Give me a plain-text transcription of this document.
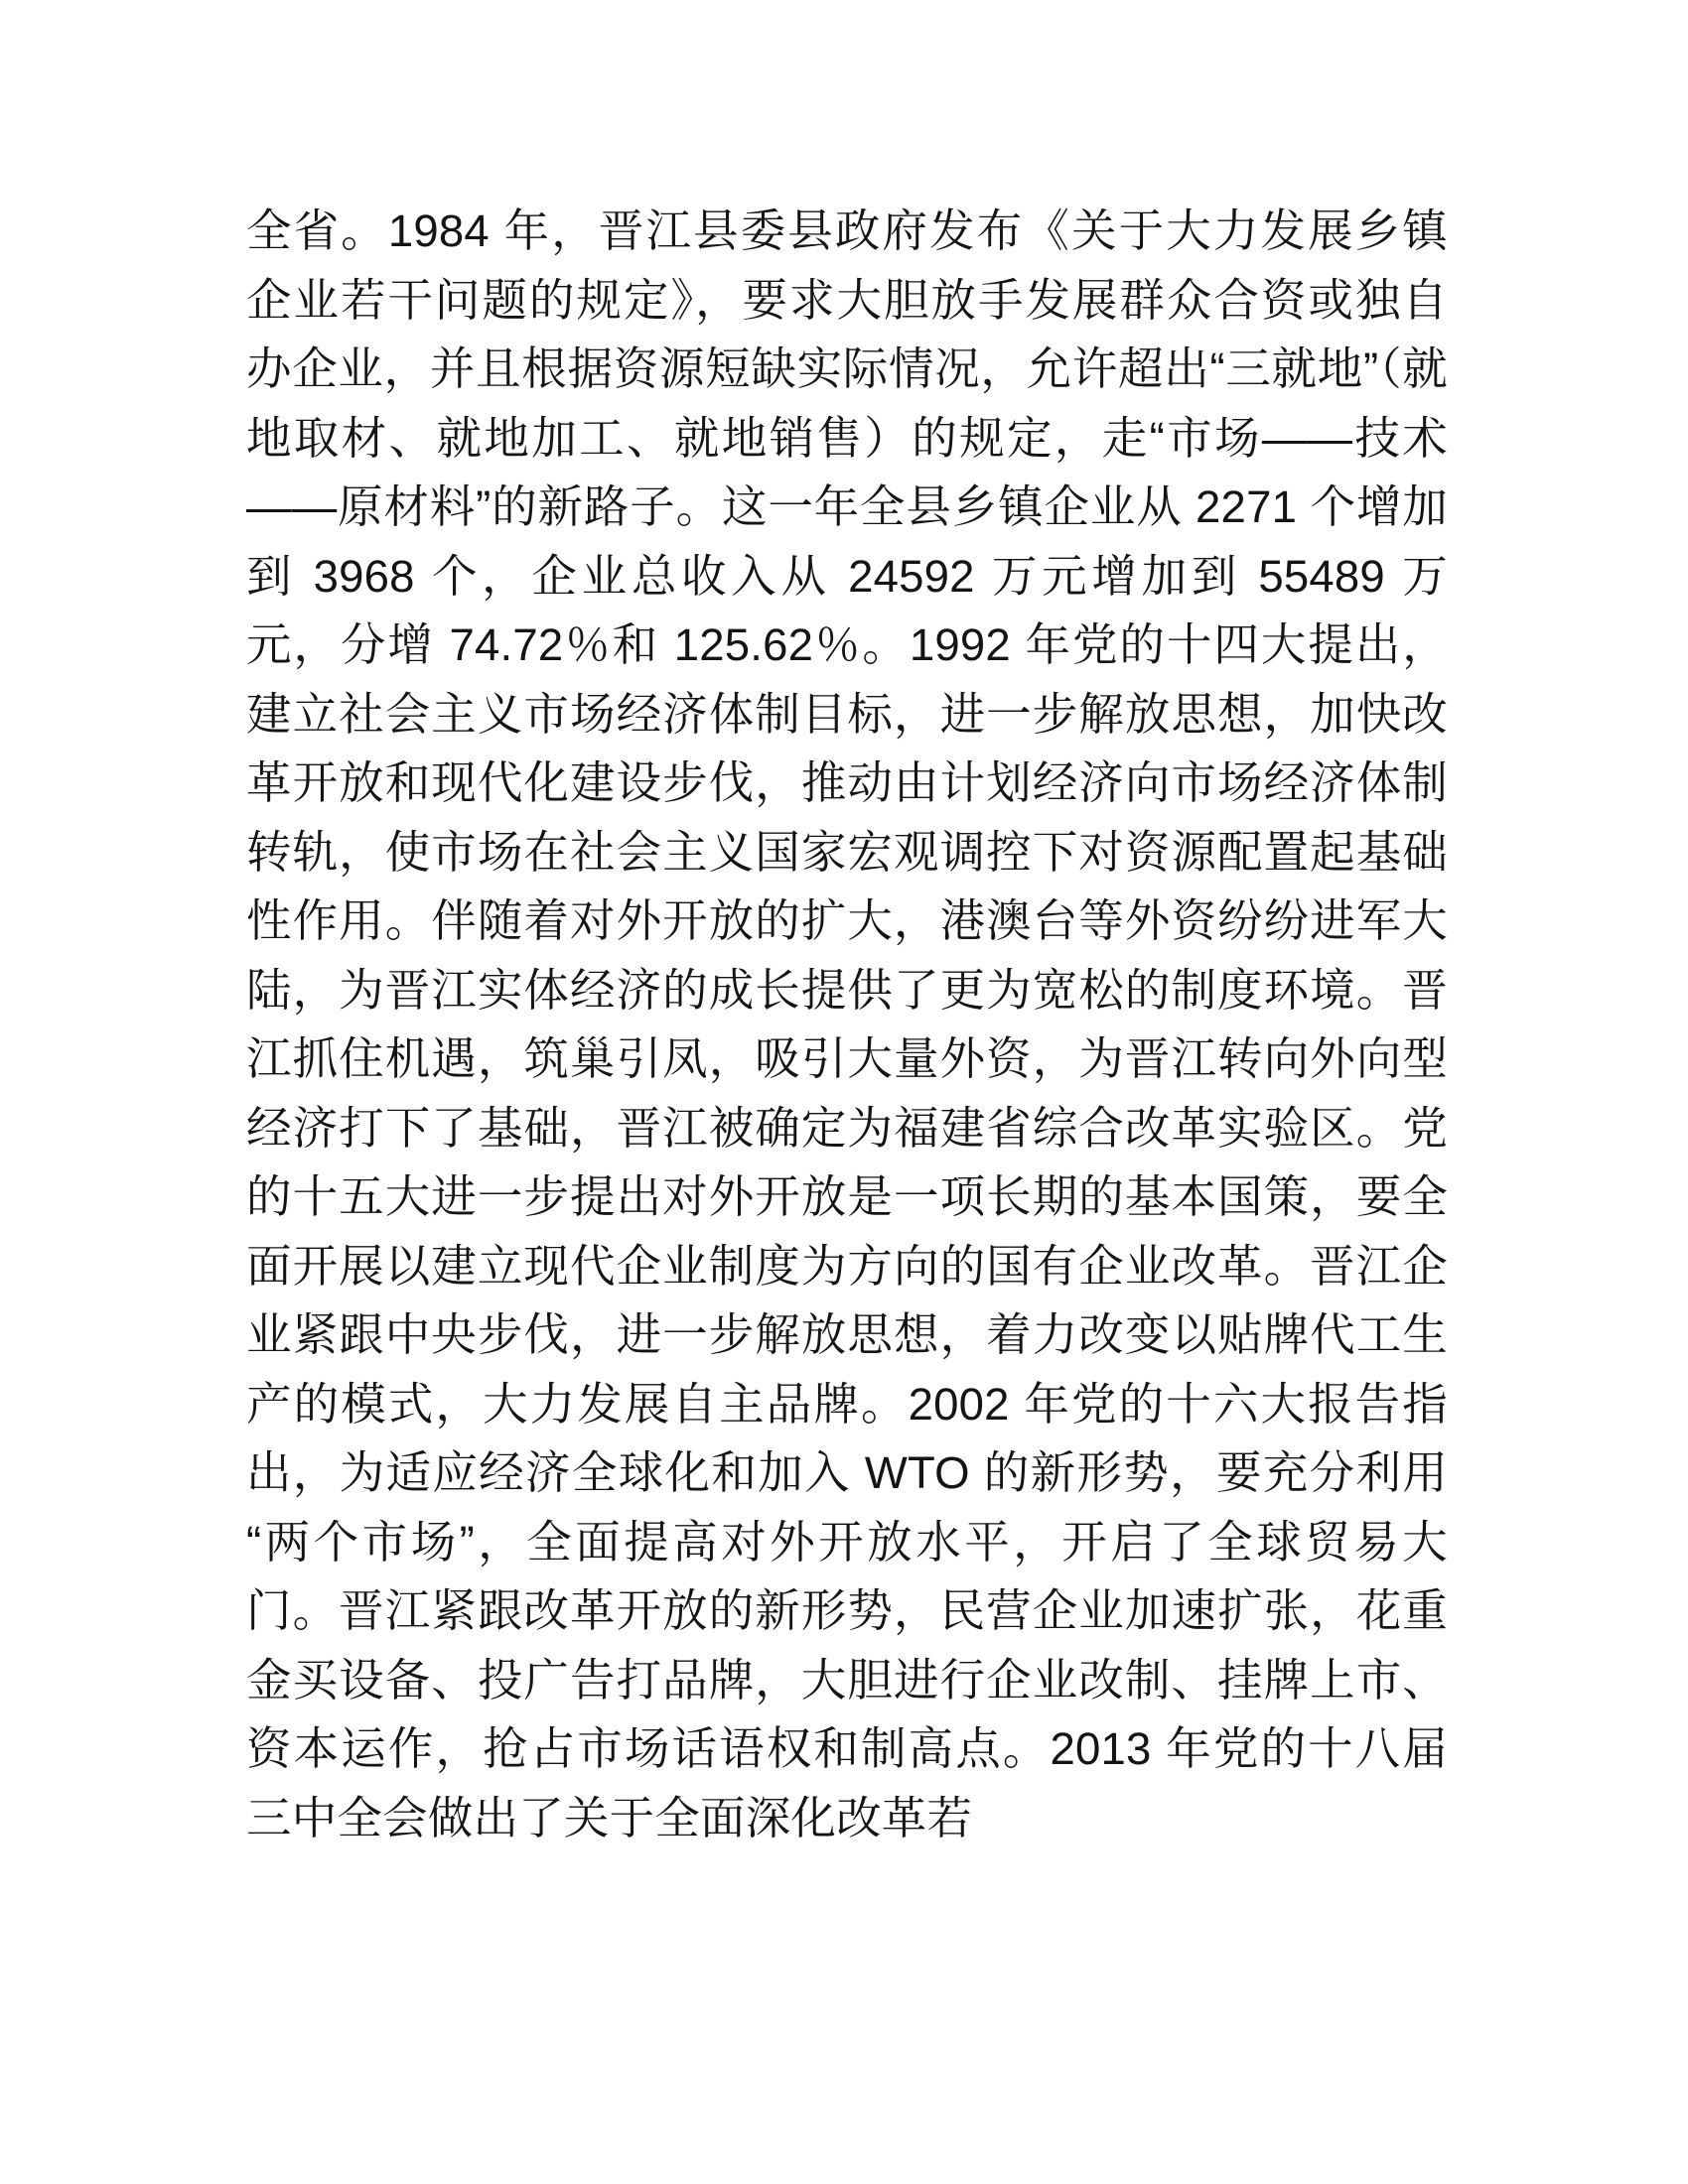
全省。1984 年，晋江县委县政府发布《关于大力发展乡镇企业若干问题的规定》，要求大胆放手发展群众合资或独自办企业，并且根据资源短缺实际情况，允许超出“三就地”（就地取材、就地加工、就地销售）的规定，走“市场——技术——原材料”的新路子。这一年全县乡镇企业从 2271 个增加到 3968 个，企业总收入从 24592 万元增加到 55489 万元，分增 74.72％和 125.62％。1992 年党的十四大提出，建立社会主义市场经济体制目标，进一步解放思想，加快改革开放和现代化建设步伐，推动由计划经济向市场经济体制转轨，使市场在社会主义国家宏观调控下对资源配置起基础性作用。伴随着对外开放的扩大，港澳台等外资纷纷进军大陆，为晋江实体经济的成长提供了更为宽松的制度环境。晋江抓住机遇，筑巢引凤，吸引大量外资，为晋江转向外向型经济打下了基础，晋江被确定为福建省综合改革实验区。党的十五大进一步提出对外开放是一项长期的基本国策，要全面开展以建立现代企业制度为方向的国有企业改革。晋江企业紧跟中央步伐，进一步解放思想，着力改变以贴牌代工生产的模式，大力发展自主品牌。2002 年党的十六大报告指出，为适应经济全球化和加入 WTO 的新形势，要充分利用“两个市场”，全面提高对外开放水平，开启了全球贸易大门。晋江紧跟改革开放的新形势，民营企业加速扩张，花重金买设备、投广告打品牌，大胆进行企业改制、挂牌上市、资本运作，抢占市场话语权和制高点。2013 年党的十八届三中全会做出了关于全面深化改革若
